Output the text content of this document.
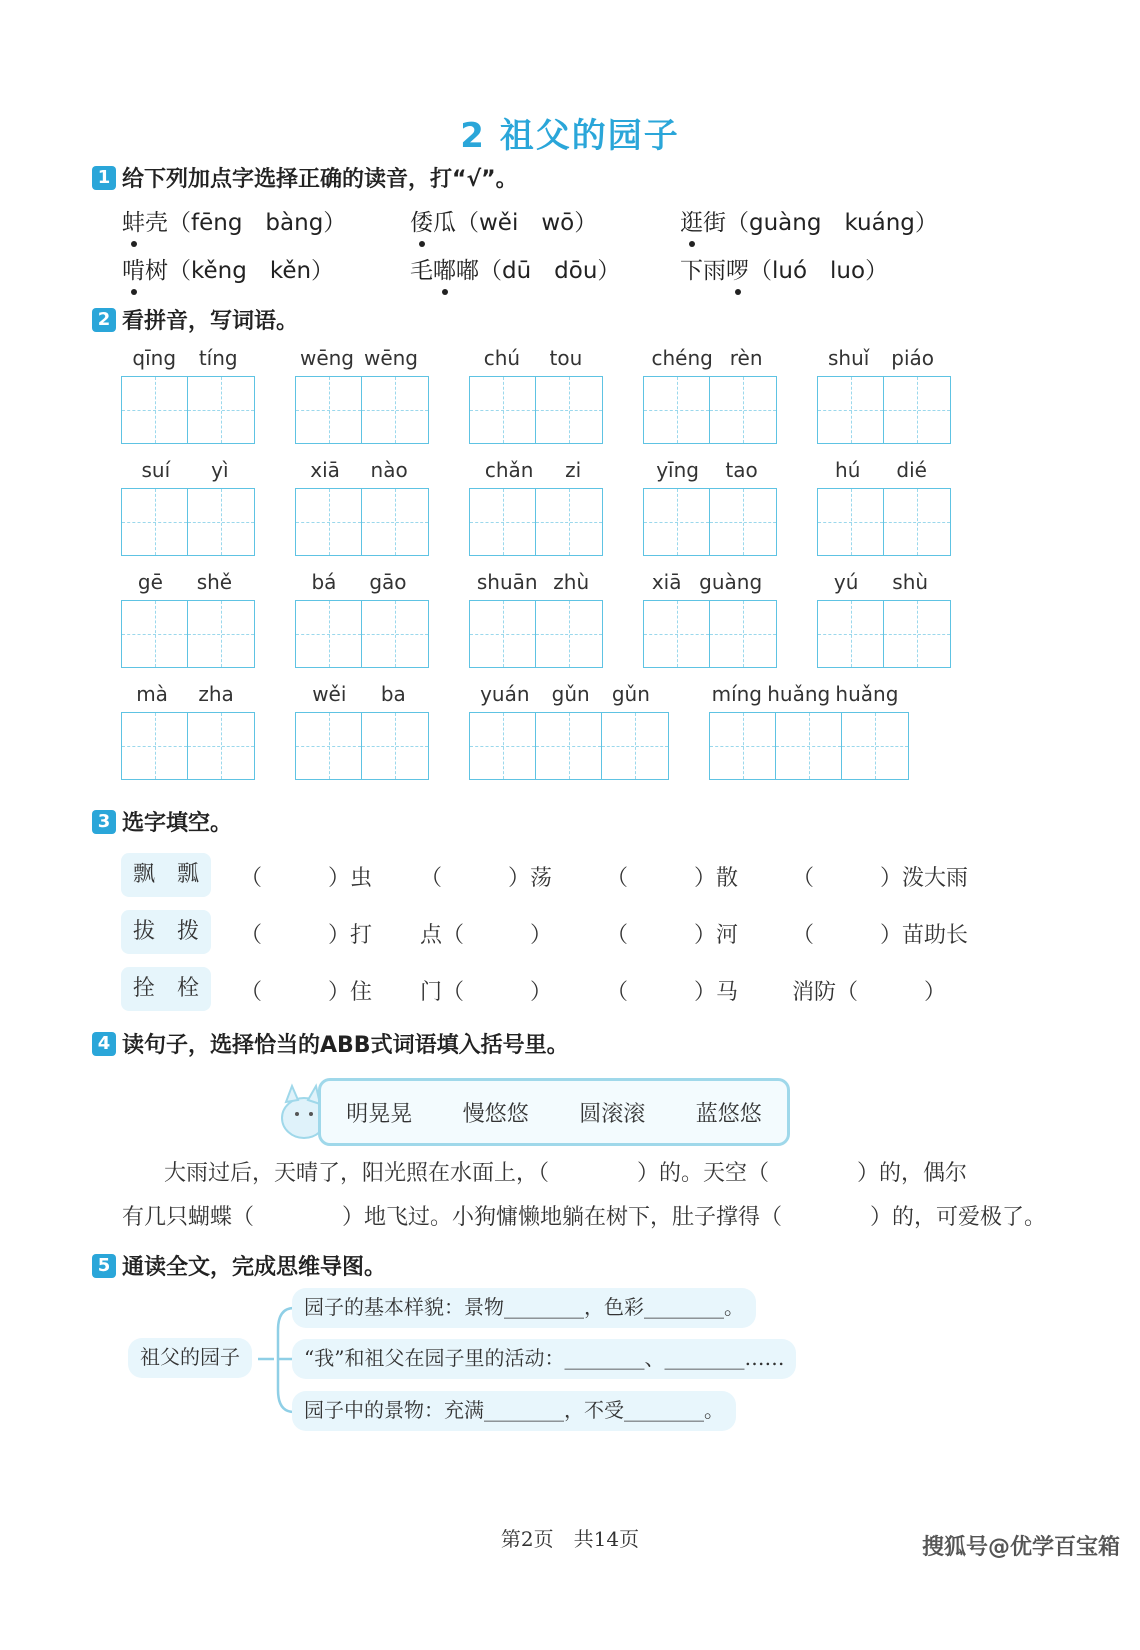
2 祖父的园子
1 给下列加点字选择正确的读音，打“√”。
蚌壳（fēng　bàng）	倭瓜（wěi　wō）	逛街（guàng　kuáng）
啃树（kěng　kěn）	毛嘟嘟（dū　dōu）	下雨啰（luó　luo）
2 看拼音，写词语。
qīng tíng	wēng wēng	chú tou	chéng rèn	shuǐ piáo
suí yì	xiā nào	chǎn zi	yīng tao	hú dié
gē shě	bá gāo	shuān zhù	xiā guàng	yú shù
mà zha	wěi ba	yuán gǔn gǔn	míng huǎng huǎng
3 选字填空。
飘　瓢	（　　　）虫 （　　　）荡 （　　　）散 （　　　）泼大雨
拔　拨	（　　　）打 点（　　　） （　　　）河 （　　　）苗助长
拴　栓	（　　　）住 门（　　　） （　　　）马 消防（　　　）
4 读句子，选择恰当的ABB式词语填入括号里。
明晃晃 慢悠悠 圆滚滚 蓝悠悠
大雨过后，天晴了，阳光照在水面上，（　　　　）的。天空（　　　　）的，偶尔
有几只蝴蝶（　　　　）地飞过。小狗慵懒地躺在树下，肚子撑得（　　　　）的，可爱极了。
5 通读全文，完成思维导图。
祖父的园子
园子的基本样貌：景物________，色彩________。
“我”和祖父在园子里的活动：________、________……
园子中的景物：充满________，不受________。
第2页　共14页	搜狐号@优学百宝箱
